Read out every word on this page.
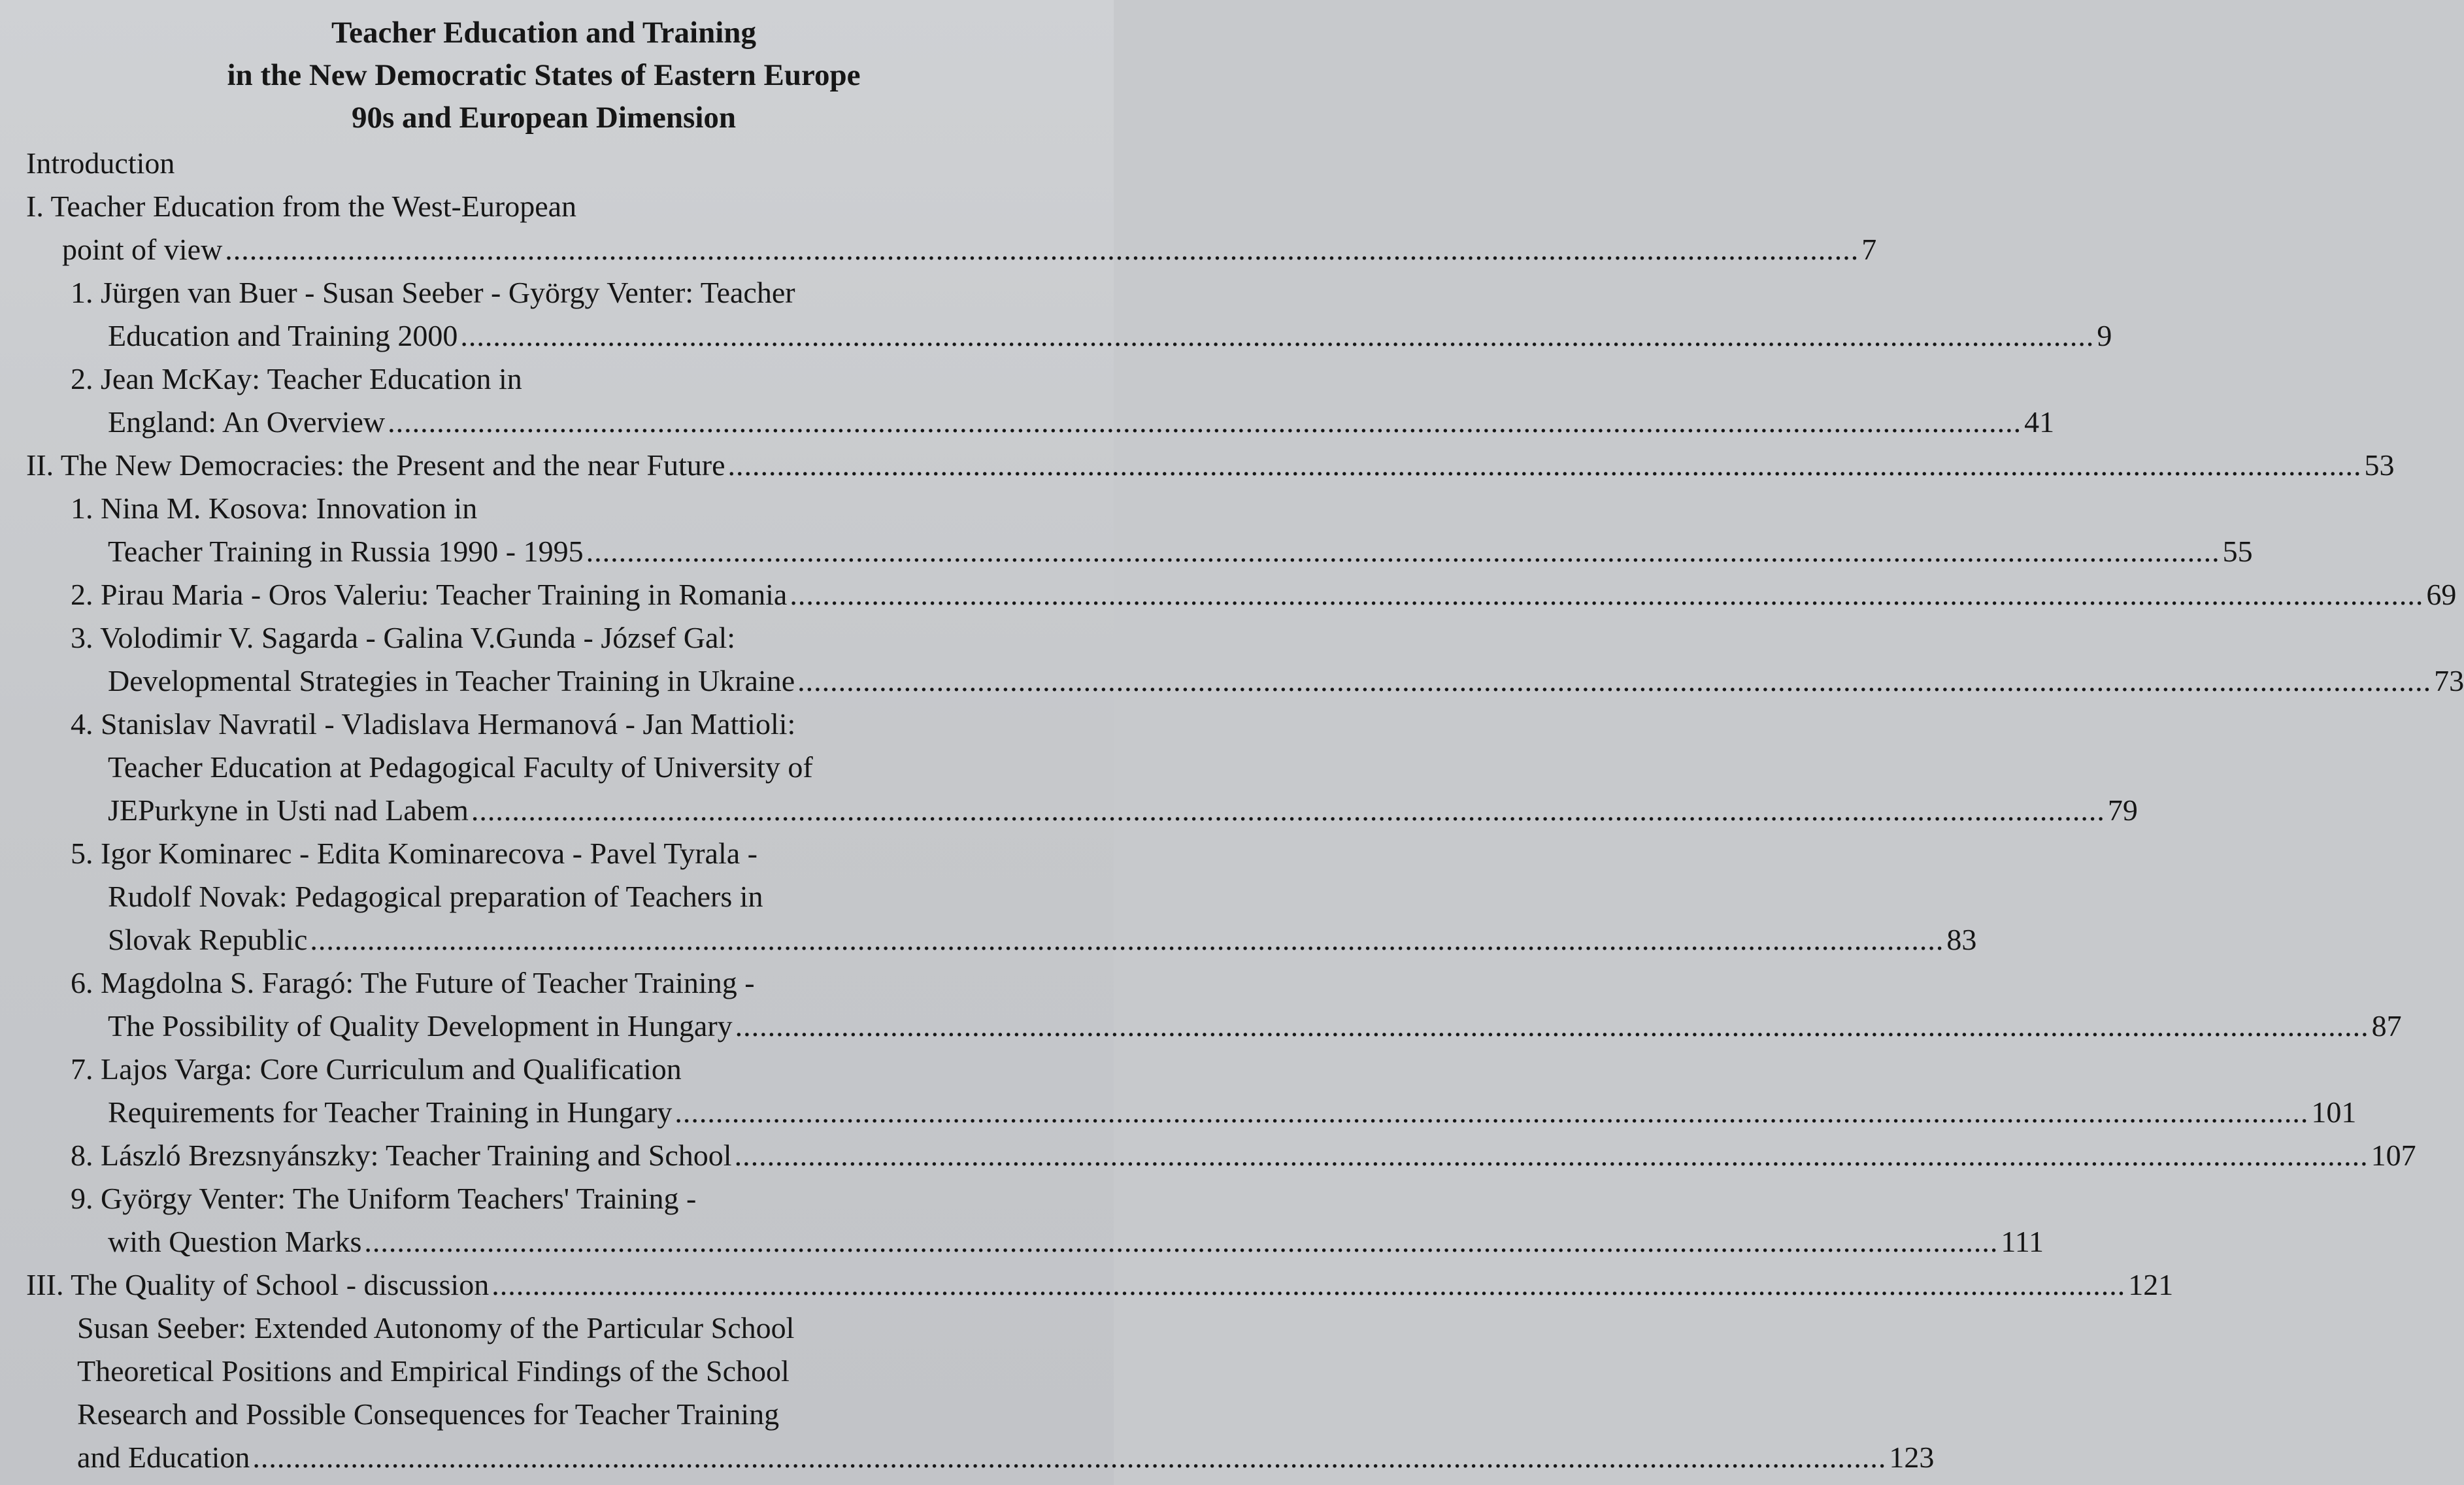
Teacher Education and Training
in the New Democratic States of Eastern Europe
90s and European Dimension
Introduction
I. Teacher Education from the West-European
point of view ........................................................................................................................................................................................................ 7
1. Jürgen van Buer - Susan Seeber - György Venter: Teacher
Education and Training 2000 ........................................................................................................................................................................................................ 9
2. Jean McKay: Teacher Education in
England: An Overview ........................................................................................................................................................................................................ 41
II. The New Democracies: the Present and the near Future ........................................................................................................................................................................................................ 53
1. Nina M. Kosova: Innovation in
Teacher Training in Russia 1990 - 1995 ........................................................................................................................................................................................................ 55
2. Pirau Maria - Oros Valeriu: Teacher Training in Romania ........................................................................................................................................................................................................ 69
3. Volodimir V. Sagarda - Galina V.Gunda - József Gal:
Developmental Strategies in Teacher Training in Ukraine ........................................................................................................................................................................................................ 73
4. Stanislav Navratil - Vladislava Hermanová - Jan Mattioli:
Teacher Education at Pedagogical Faculty of University of
JEPurkyne in Usti nad Labem ........................................................................................................................................................................................................ 79
5. Igor Kominarec - Edita Kominarecova - Pavel Tyrala -
Rudolf Novak: Pedagogical preparation of Teachers in
Slovak Republic ........................................................................................................................................................................................................ 83
6. Magdolna S. Faragó: The Future of Teacher Training -
The Possibility of Quality Development in Hungary ........................................................................................................................................................................................................ 87
7. Lajos Varga: Core Curriculum and Qualification
Requirements for Teacher Training in Hungary ........................................................................................................................................................................................................ 101
8. László Brezsnyánszky: Teacher Training and School ........................................................................................................................................................................................................ 107
9. György Venter: The Uniform Teachers' Training -
with Question Marks ........................................................................................................................................................................................................ 111
III. The Quality of School - discussion ........................................................................................................................................................................................................ 121
Susan Seeber: Extended Autonomy of the Particular School
Theoretical Positions and Empirical Findings of the School
Research and Possible Consequences for Teacher Training
and Education ........................................................................................................................................................................................................ 123
